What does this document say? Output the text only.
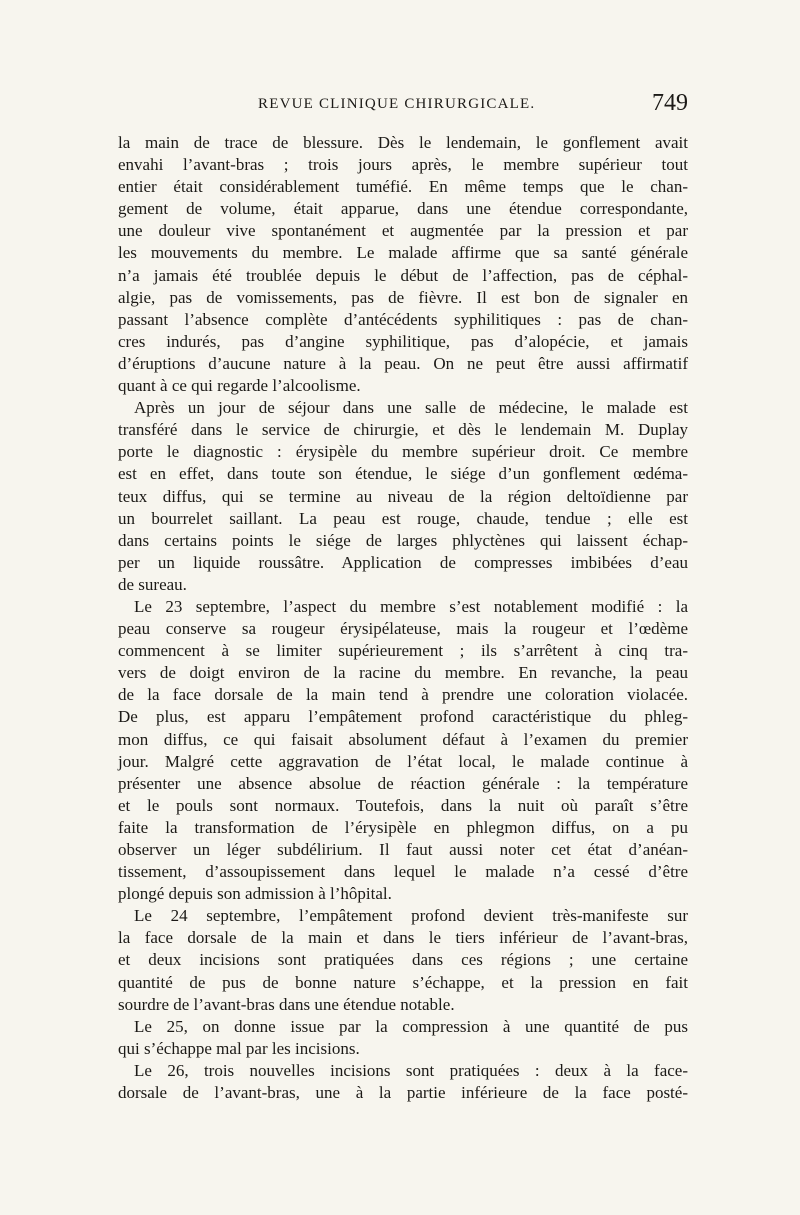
REVUE CLINIQUE CHIRURGICALE.	749
la main de trace de blessure. Dès le lendemain, le gonflement avait
envahi l’avant-bras ; trois jours après, le membre supérieur tout
entier était considérablement tuméfié. En même temps que le chan-
gement de volume, était apparue, dans une étendue correspondante,
une douleur vive spontanément et augmentée par la pression et par
les mouvements du membre. Le malade affirme que sa santé générale
n’a jamais été troublée depuis le début de l’affection, pas de céphal-
algie, pas de vomissements, pas de fièvre. Il est bon de signaler en
passant l’absence complète d’antécédents syphilitiques : pas de chan-
cres indurés, pas d’angine syphilitique, pas d’alopécie, et jamais
d’éruptions d’aucune nature à la peau. On ne peut être aussi affirmatif
quant à ce qui regarde l’alcoolisme.
Après un jour de séjour dans une salle de médecine, le malade est
transféré dans le service de chirurgie, et dès le lendemain M. Duplay
porte le diagnostic : érysipèle du membre supérieur droit. Ce membre
est en effet, dans toute son étendue, le siége d’un gonflement œdéma-
teux diffus, qui se termine au niveau de la région deltoïdienne par
un bourrelet saillant. La peau est rouge, chaude, tendue ; elle est
dans certains points le siége de larges phlyctènes qui laissent échap-
per un liquide roussâtre. Application de compresses imbibées d’eau
de sureau.
Le 23 septembre, l’aspect du membre s’est notablement modifié : la
peau conserve sa rougeur érysipélateuse, mais la rougeur et l’œdème
commencent à se limiter supérieurement ; ils s’arrêtent à cinq tra-
vers de doigt environ de la racine du membre. En revanche, la peau
de la face dorsale de la main tend à prendre une coloration violacée.
De plus, est apparu l’empâtement profond caractéristique du phleg-
mon diffus, ce qui faisait absolument défaut à l’examen du premier
jour. Malgré cette aggravation de l’état local, le malade continue à
présenter une absence absolue de réaction générale : la température
et le pouls sont normaux. Toutefois, dans la nuit où paraît s’être
faite la transformation de l’érysipèle en phlegmon diffus, on a pu
observer un léger subdélirium. Il faut aussi noter cet état d’anéan-
tissement, d’assoupissement dans lequel le malade n’a cessé d’être
plongé depuis son admission à l’hôpital.
Le 24 septembre, l’empâtement profond devient très-manifeste sur
la face dorsale de la main et dans le tiers inférieur de l’avant-bras,
et deux incisions sont pratiquées dans ces régions ; une certaine
quantité de pus de bonne nature s’échappe, et la pression en fait
sourdre de l’avant-bras dans une étendue notable.
Le 25, on donne issue par la compression à une quantité de pus
qui s’échappe mal par les incisions.
Le 26, trois nouvelles incisions sont pratiquées : deux à la face-
dorsale de l’avant-bras, une à la partie inférieure de la face posté-
